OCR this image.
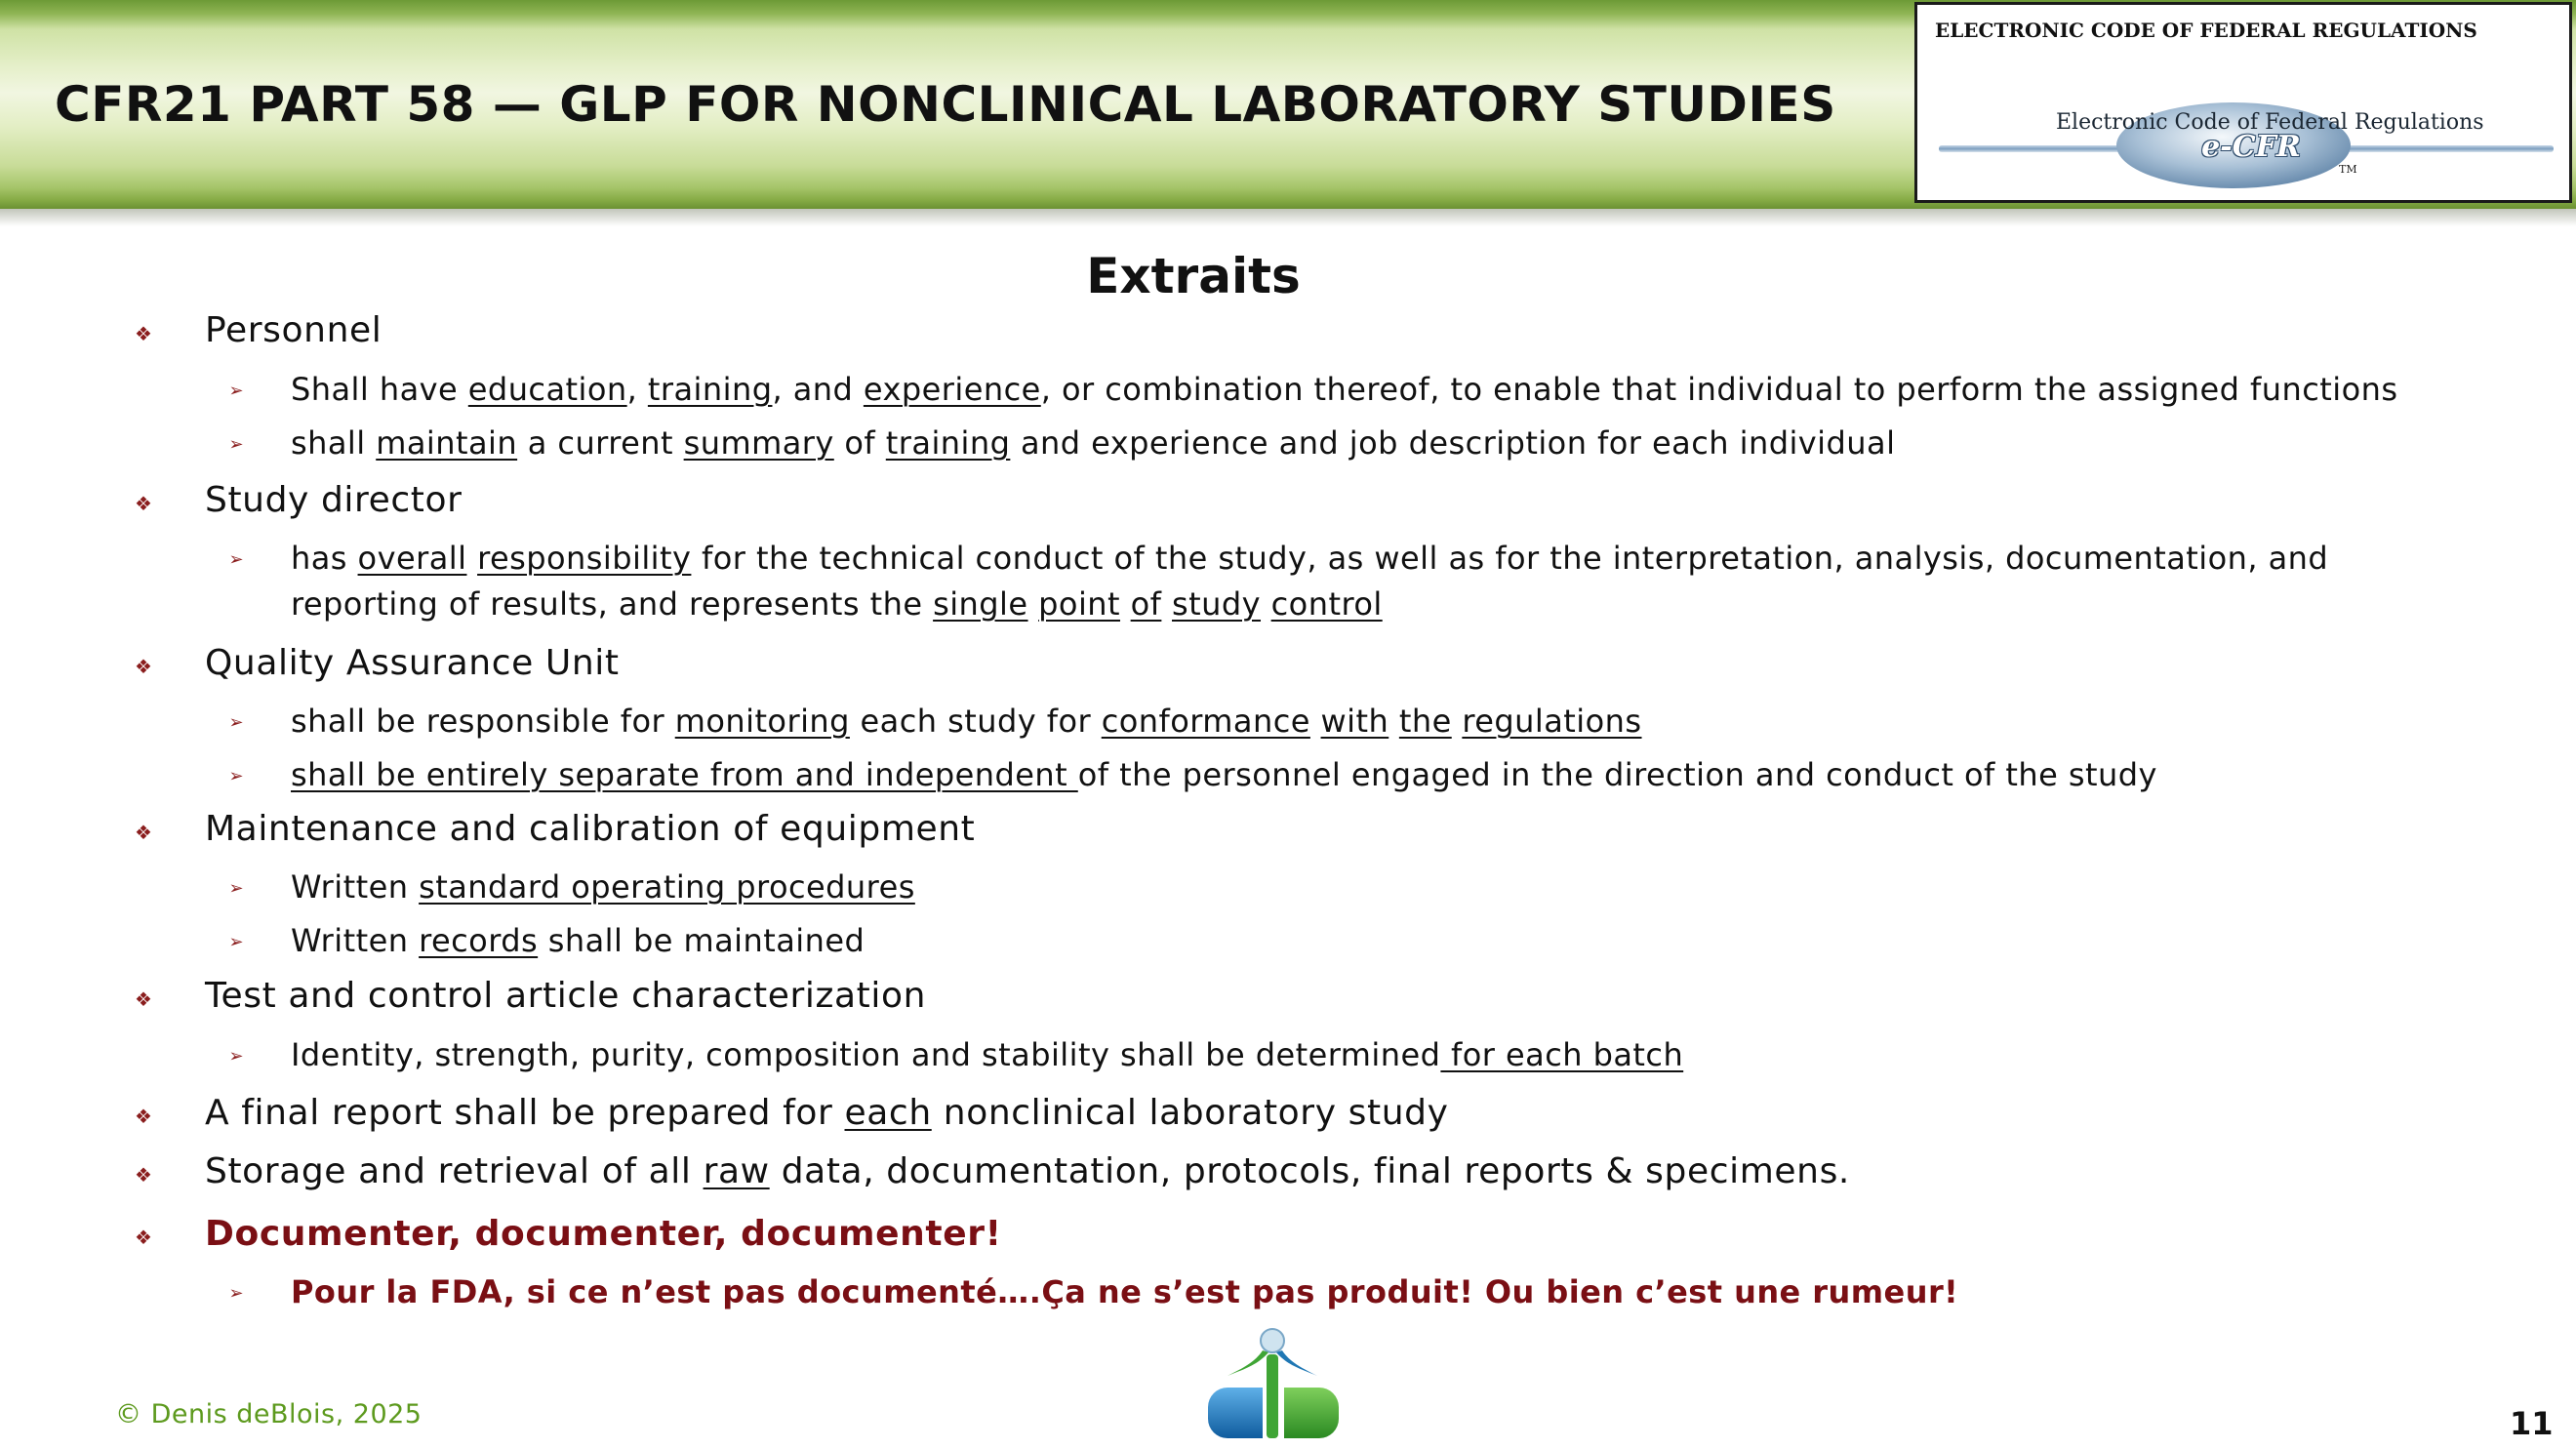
CFR21 PART 58 — GLP FOR NONCLINICAL LABORATORY STUDIES
ELECTRONIC CODE OF FEDERAL REGULATIONS
Electronic Code of Federal Regulations
e-CFR
TM
Extraits
❖ Personnel
➢ Shall have education, training, and experience, or combination thereof, to enable that individual to perform the assigned functions
➢ shall maintain a current summary of training and experience and job description for each individual
❖ Study director
➢ has overall responsibility for the technical conduct of the study, as well as for the interpretation, analysis, documentation, and
reporting of results, and represents the single point of study control
❖ Quality Assurance Unit
➢ shall be responsible for monitoring each study for conformance with the regulations
➢ shall be entirely separate from and independent of the personnel engaged in the direction and conduct of the study
❖ Maintenance and calibration of equipment
➢ Written standard operating procedures
➢ Written records shall be maintained
❖ Test and control article characterization
➢ Identity, strength, purity, composition and stability shall be determined for each batch
❖ A final report shall be prepared for each nonclinical laboratory study
❖ Storage and retrieval of all raw data, documentation, protocols, final reports & specimens.
❖ Documenter, documenter, documenter!
➢ Pour la FDA, si ce n’est pas documenté….Ça ne s’est pas produit! Ou bien c’est une rumeur!
© Denis deBlois, 2025	11
